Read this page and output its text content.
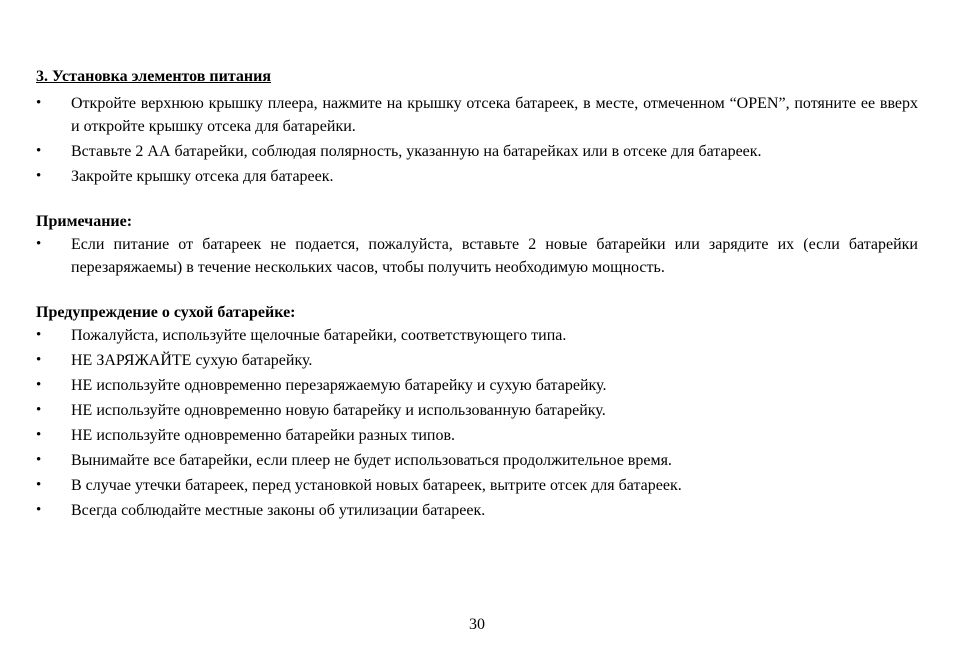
3. Установка элементов питания

• Откройте верхнюю крышку плеера, нажмите на крышку отсека батареек, в месте, отмеченном “OPEN”, потяните ее вверх и откройте крышку отсека для батарейки.
• Вставьте 2 АА батарейки, соблюдая полярность, указанную на батарейках или в отсеке для батареек.
• Закройте крышку отсека для батареек.

Примечание:

• Если питание от батареек не подается, пожалуйста, вставьте 2 новые батарейки или зарядите их (если батарейки перезаряжаемы) в течение нескольких часов, чтобы получить необходимую мощность.

Предупреждение о сухой батарейке:

• Пожалуйста, используйте щелочные батарейки, соответствующего типа.
• НЕ ЗАРЯЖАЙТЕ сухую батарейку.
• НЕ используйте одновременно перезаряжаемую батарейку и сухую батарейку.
• НЕ используйте одновременно новую батарейку и использованную батарейку.
• НЕ используйте одновременно батарейки разных типов.
• Вынимайте все батарейки, если плеер не будет использоваться продолжительное время.
• В случае утечки батареек, перед установкой новых батареек, вытрите отсек для батареек.
• Всегда соблюдайте местные законы об утилизации батареек.
30
